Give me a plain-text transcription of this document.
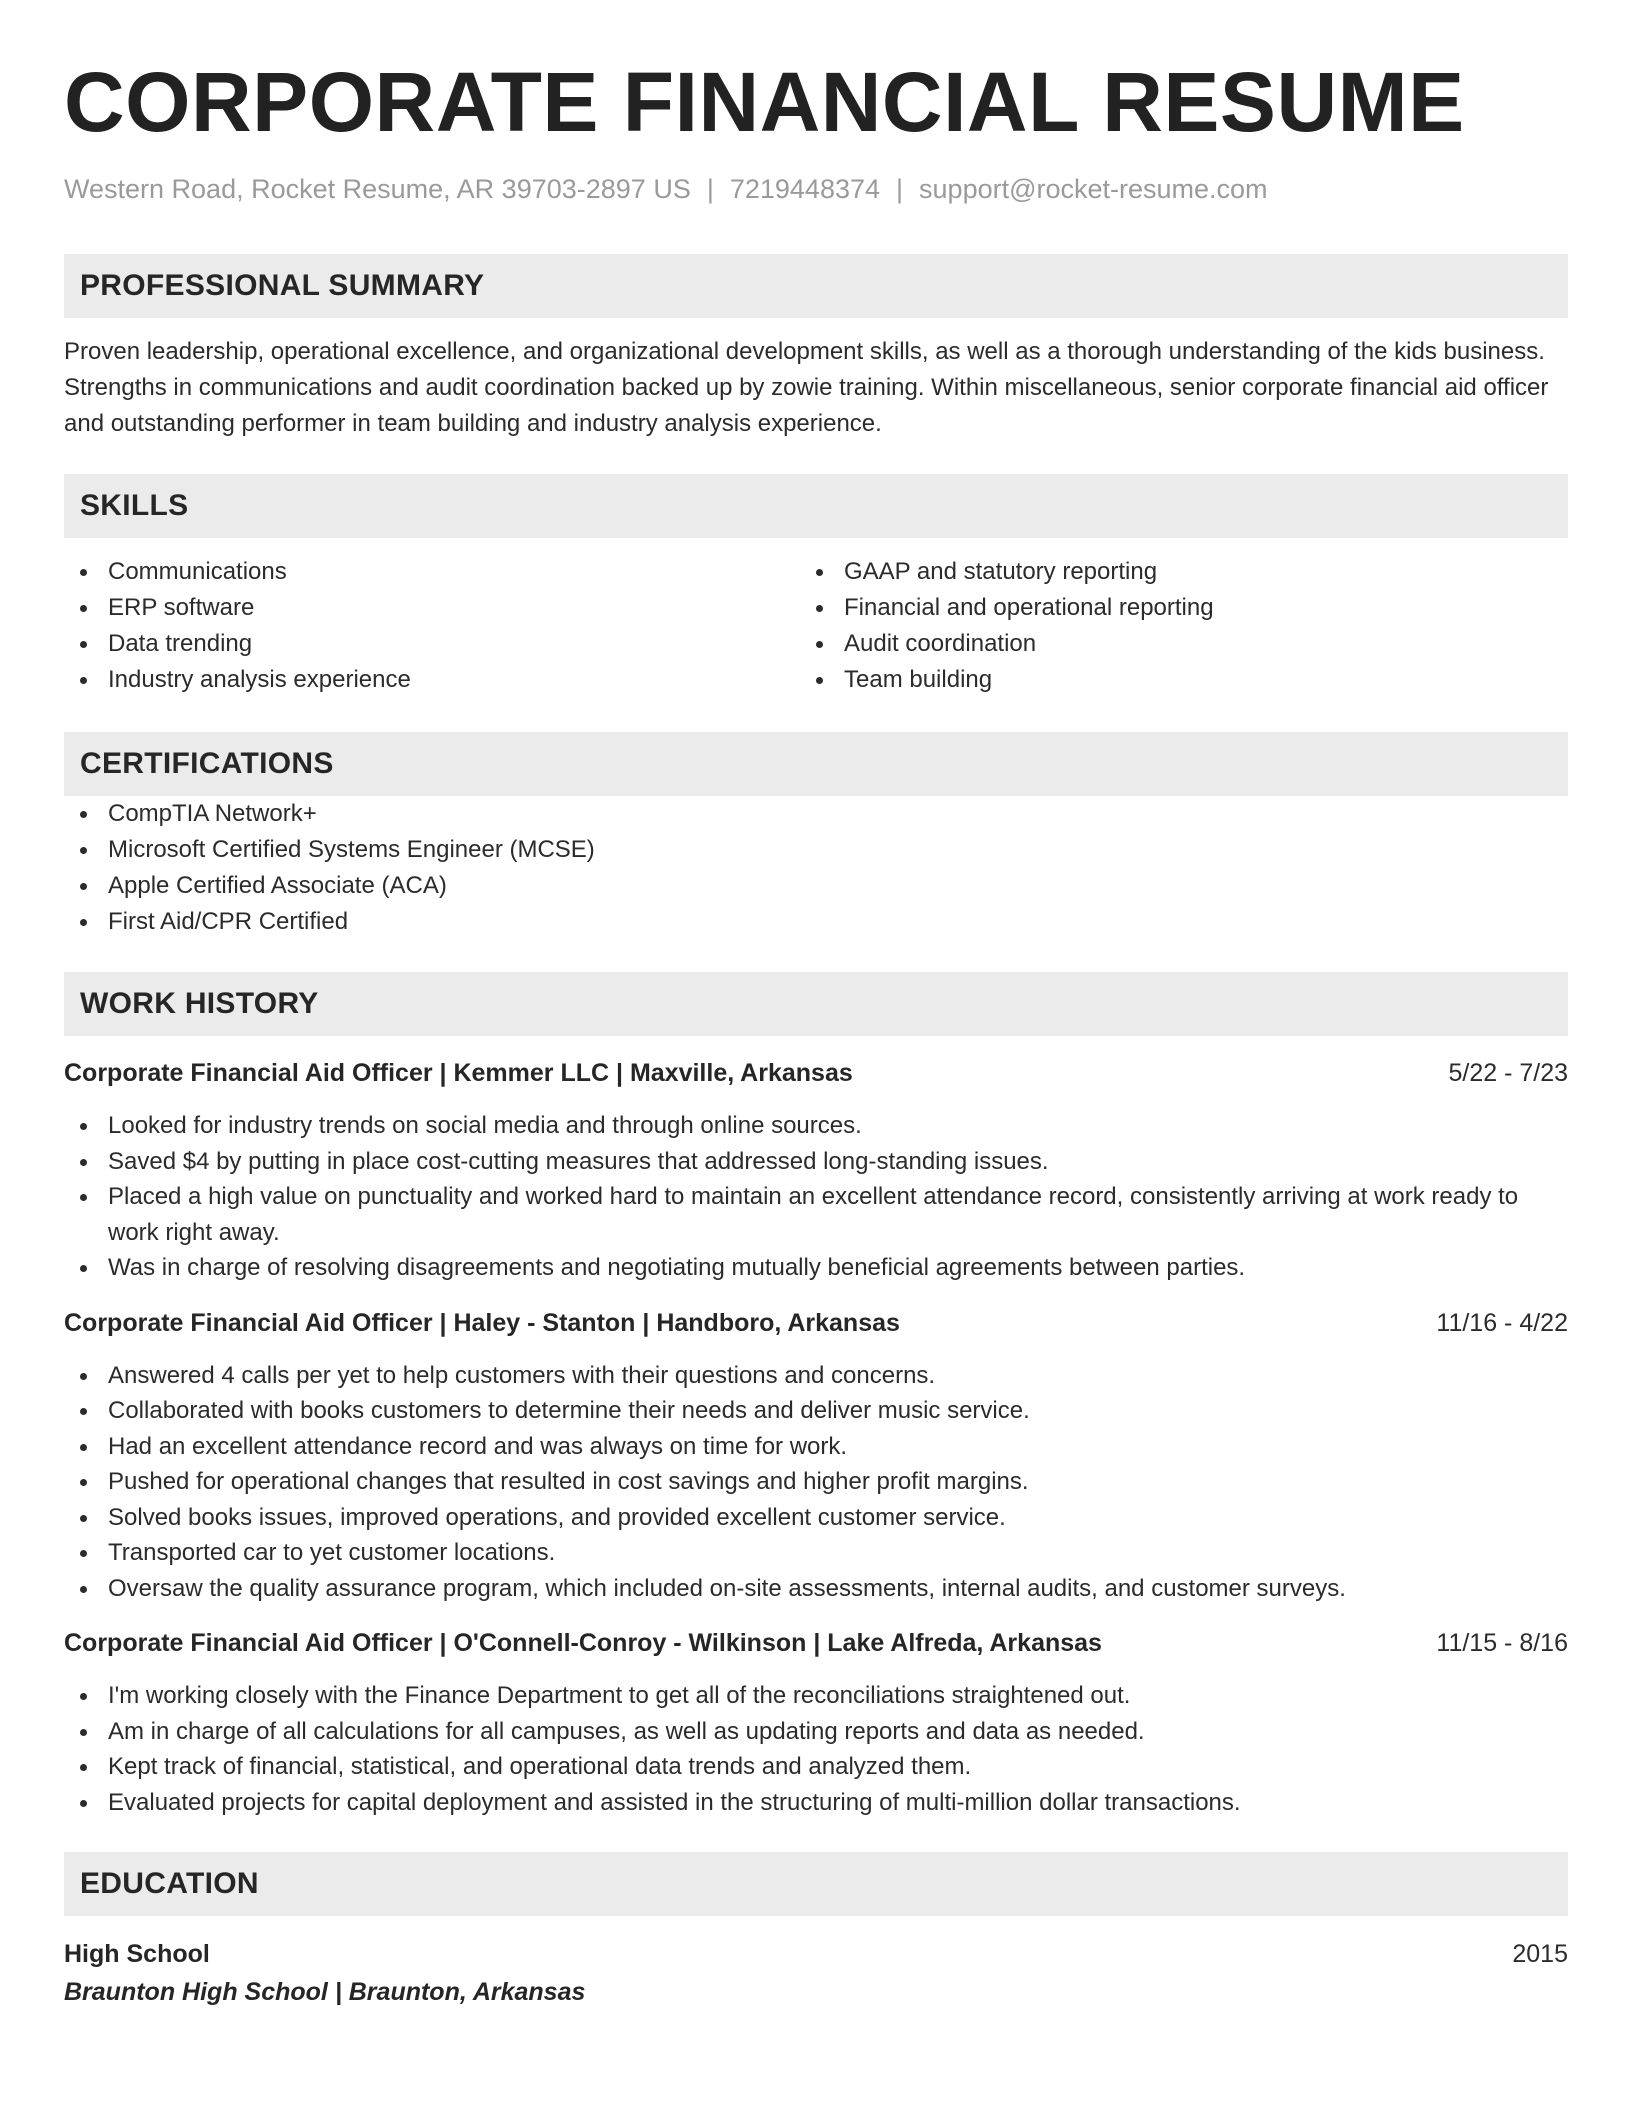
CORPORATE FINANCIAL RESUME
Western Road, Rocket Resume, AR 39703-2897 US | 7219448374 | support@rocket-resume.com
PROFESSIONAL SUMMARY

Proven leadership, operational excellence, and organizational development skills, as well as a thorough understanding of the kids business. Strengths in communications and audit coordination backed up by zowie training. Within miscellaneous, senior corporate financial aid officer and outstanding performer in team building and industry analysis experience.

SKILLS
Communications
ERP software
Data trending
Industry analysis experience
GAAP and statutory reporting
Financial and operational reporting
Audit coordination
Team building
CERTIFICATIONS
CompTIA Network+
Microsoft Certified Systems Engineer (MCSE)
Apple Certified Associate (ACA)
First Aid/CPR Certified
WORK HISTORY
Corporate Financial Aid Officer | Kemmer LLC | Maxville, Arkansas	5/22 - 7/23
Looked for industry trends on social media and through online sources.
Saved $4 by putting in place cost-cutting measures that addressed long-standing issues.
Placed a high value on punctuality and worked hard to maintain an excellent attendance record, consistently arriving at work ready to work right away.
Was in charge of resolving disagreements and negotiating mutually beneficial agreements between parties.
Corporate Financial Aid Officer | Haley - Stanton | Handboro, Arkansas	11/16 - 4/22
Answered 4 calls per yet to help customers with their questions and concerns.
Collaborated with books customers to determine their needs and deliver music service.
Had an excellent attendance record and was always on time for work.
Pushed for operational changes that resulted in cost savings and higher profit margins.
Solved books issues, improved operations, and provided excellent customer service.
Transported car to yet customer locations.
Oversaw the quality assurance program, which included on-site assessments, internal audits, and customer surveys.
Corporate Financial Aid Officer | O'Connell-Conroy - Wilkinson | Lake Alfreda, Arkansas	11/15 - 8/16
I'm working closely with the Finance Department to get all of the reconciliations straightened out.
Am in charge of all calculations for all campuses, as well as updating reports and data as needed.
Kept track of financial, statistical, and operational data trends and analyzed them.
Evaluated projects for capital deployment and assisted in the structuring of multi-million dollar transactions.
EDUCATION
High School	2015
Braunton High School | Braunton, Arkansas
